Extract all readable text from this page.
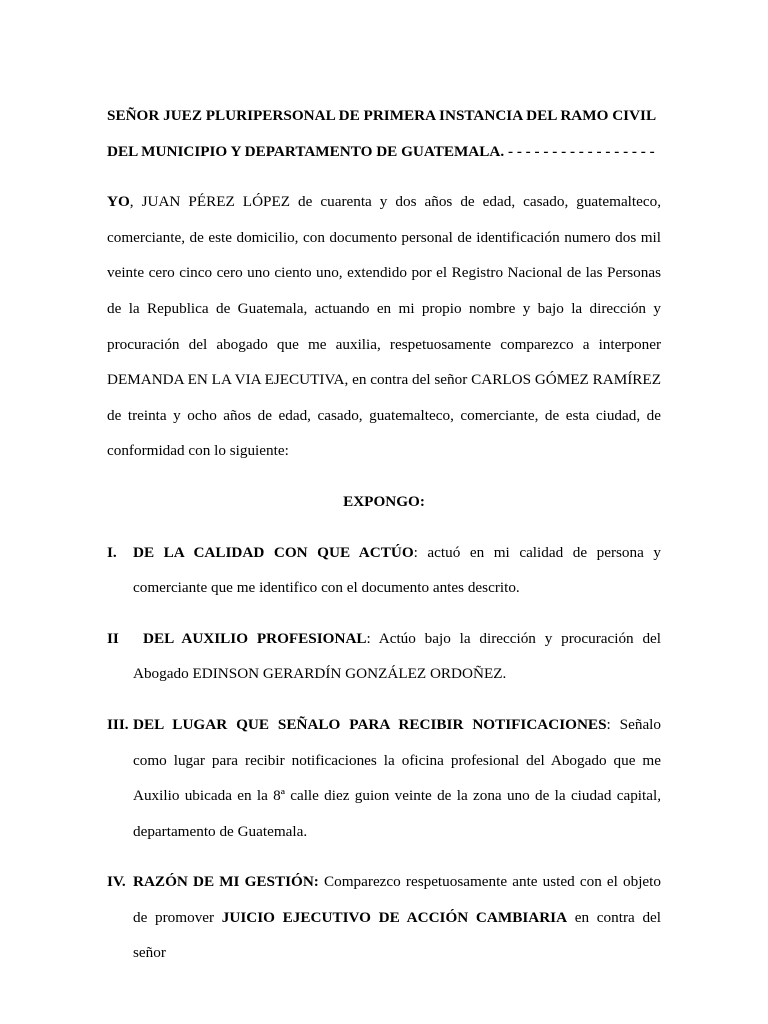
SEÑOR JUEZ PLURIPERSONAL DE PRIMERA INSTANCIA DEL RAMO CIVIL
DEL MUNICIPIO Y DEPARTAMENTO DE GUATEMALA. - - - - - - - - - - - - - - - - -
YO, JUAN PÉREZ LÓPEZ de cuarenta y dos años de edad, casado, guatemalteco, comerciante, de este domicilio, con documento personal de identificación numero dos mil veinte cero cinco cero uno ciento uno, extendido por el Registro Nacional de las Personas de la Republica de Guatemala, actuando en mi propio nombre y bajo la dirección y procuración del abogado que me auxilia, respetuosamente comparezco a interponer DEMANDA EN LA VIA EJECUTIVA, en contra del señor CARLOS GÓMEZ RAMÍREZ de treinta y ocho años de edad, casado, guatemalteco, comerciante, de esta ciudad, de conformidad con lo siguiente:
EXPONGO:
I. DE LA CALIDAD CON QUE ACTÚO: actuó en mi calidad de persona y comerciante que me identifico con el documento antes descrito.
II DEL AUXILIO PROFESIONAL: Actúo bajo la dirección y procuración del Abogado EDINSON GERARDÍN GONZÁLEZ ORDOÑEZ.
III. DEL LUGAR QUE SEÑALO PARA RECIBIR NOTIFICACIONES: Señalo como lugar para recibir notificaciones la oficina profesional del Abogado que me Auxilio ubicada en la 8ª calle diez guion veinte de la zona uno de la ciudad capital, departamento de Guatemala.
IV. RAZÓN DE MI GESTIÓN: Comparezco respetuosamente ante usted con el objeto de promover JUICIO EJECUTIVO DE ACCIÓN CAMBIARIA en contra del señor
